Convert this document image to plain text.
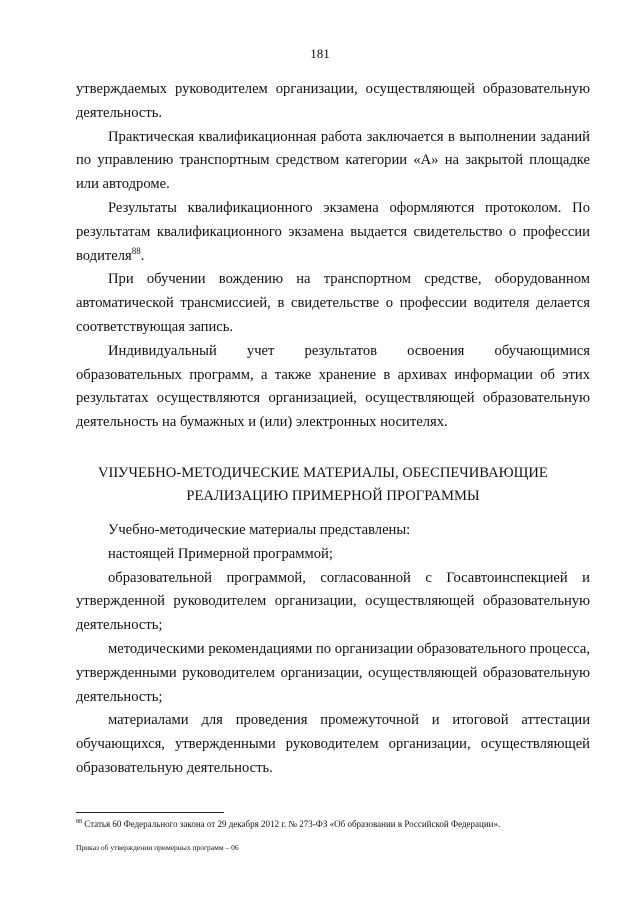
181

утверждаемых руководителем организации, осуществляющей образовательную деятельность.

Практическая квалификационная работа заключается в выполнении заданий по управлению транспортным средством категории «А» на закрытой площадке или автодроме.

Результаты квалификационного экзамена оформляются протоколом. По результатам квалификационного экзамена выдается свидетельство о профессии водителя$^{88}$.

При обучении вождению на транспортном средстве, оборудованном автоматической трансмиссией, в свидетельстве о профессии водителя делается соответствующая запись.

Индивидуальный учет результатов освоения обучающимися образовательных программ, а также хранение в архивах информации об этих результатах осуществляются организацией, осуществляющей образовательную деятельность на бумажных и (или) электронных носителях.

VII.
УЧЕБНО-МЕТОДИЧЕСКИЕ МАТЕРИАЛЫ, ОБЕСПЕЧИВАЮЩИЕ
РЕАЛИЗАЦИЮ ПРИМЕРНОЙ ПРОГРАММЫ

Учебно-методические материалы представлены:

настоящей Примерной программой;

образовательной программой, согласованной с Госавтоинспекцией и утвержденной руководителем организации, осуществляющей образовательную деятельность;

методическими рекомендациями по организации образовательного процесса, утвержденными руководителем организации, осуществляющей образовательную деятельность;

материалами для проведения промежуточной и итоговой аттестации обучающихся, утвержденными руководителем организации, осуществляющей образовательную деятельность.

$^{88}$ Статья 60 Федерального закона от 29 декабря 2012 г. № 273-ФЗ «Об образовании в Российской Федерации».
Приказ об утверждении примерных программ – 06
